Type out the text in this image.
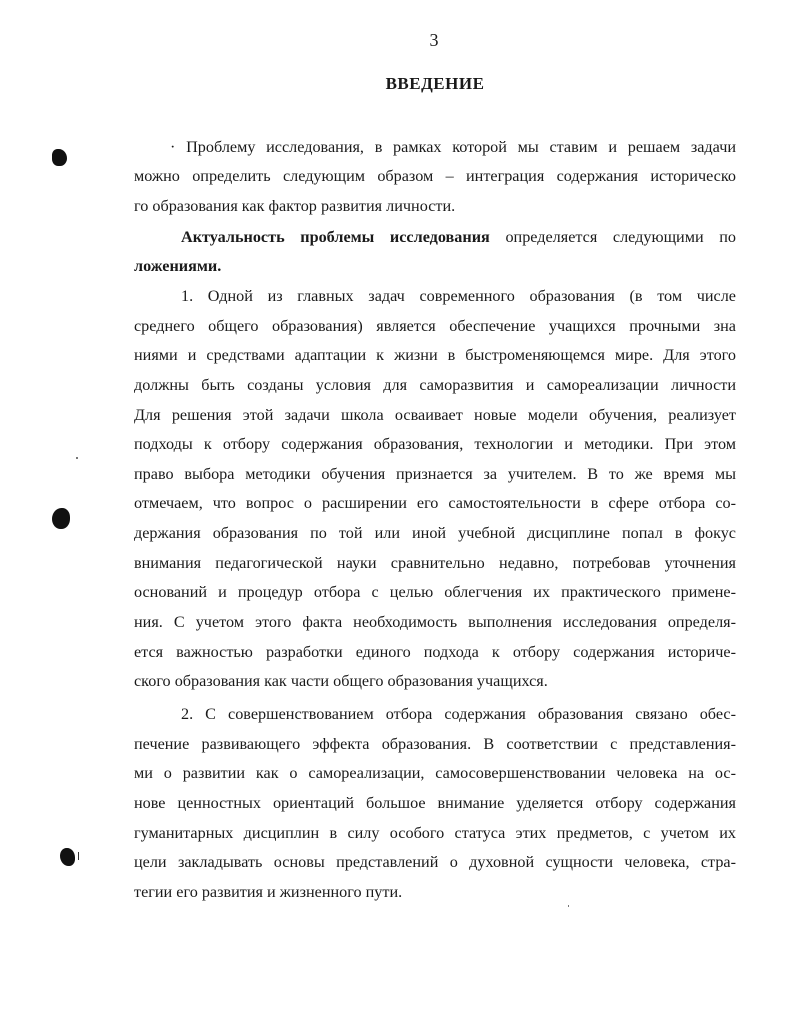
3
ВВЕДЕНИЕ
· Проблему исследования, в рамках которой мы ставим и решаем задачи
можно определить следующим образом – интеграция содержания историческо
го образования как фактор развития личности.
Актуальность проблемы исследования определяется следующими по
ложениями.
1. Одной из главных задач современного образования (в том числе
среднего общего образования) является обеспечение учащихся прочными зна
ниями и средствами адаптации к жизни в быстроменяющемся мире. Для этого
должны быть созданы условия для саморазвития и самореализации личности
Для решения этой задачи школа осваивает новые модели обучения, реализует
подходы к отбору содержания образования, технологии и методики. При этом
право выбора методики обучения признается за учителем. В то же время мы
отмечаем, что вопрос о расширении его самостоятельности в сфере отбора со-
держания образования по той или иной учебной дисциплине попал в фокус
внимания педагогической науки сравнительно недавно, потребовав уточнения
оснований и процедур отбора с целью облегчения их практического примене-
ния. С учетом этого факта необходимость выполнения исследования определя-
ется важностью разработки единого подхода к отбору содержания историче-
ского образования как части общего образования учащихся.
2. С совершенствованием отбора содержания образования связано обес-
печение развивающего эффекта образования. В соответствии с представления-
ми о развитии как о самореализации, самосовершенствовании человека на ос-
нове ценностных ориентаций большое внимание уделяется отбору содержания
гуманитарных дисциплин в силу особого статуса этих предметов, с учетом их
цели закладывать основы представлений о духовной сущности человека, стра-
тегии его развития и жизненного пути.
